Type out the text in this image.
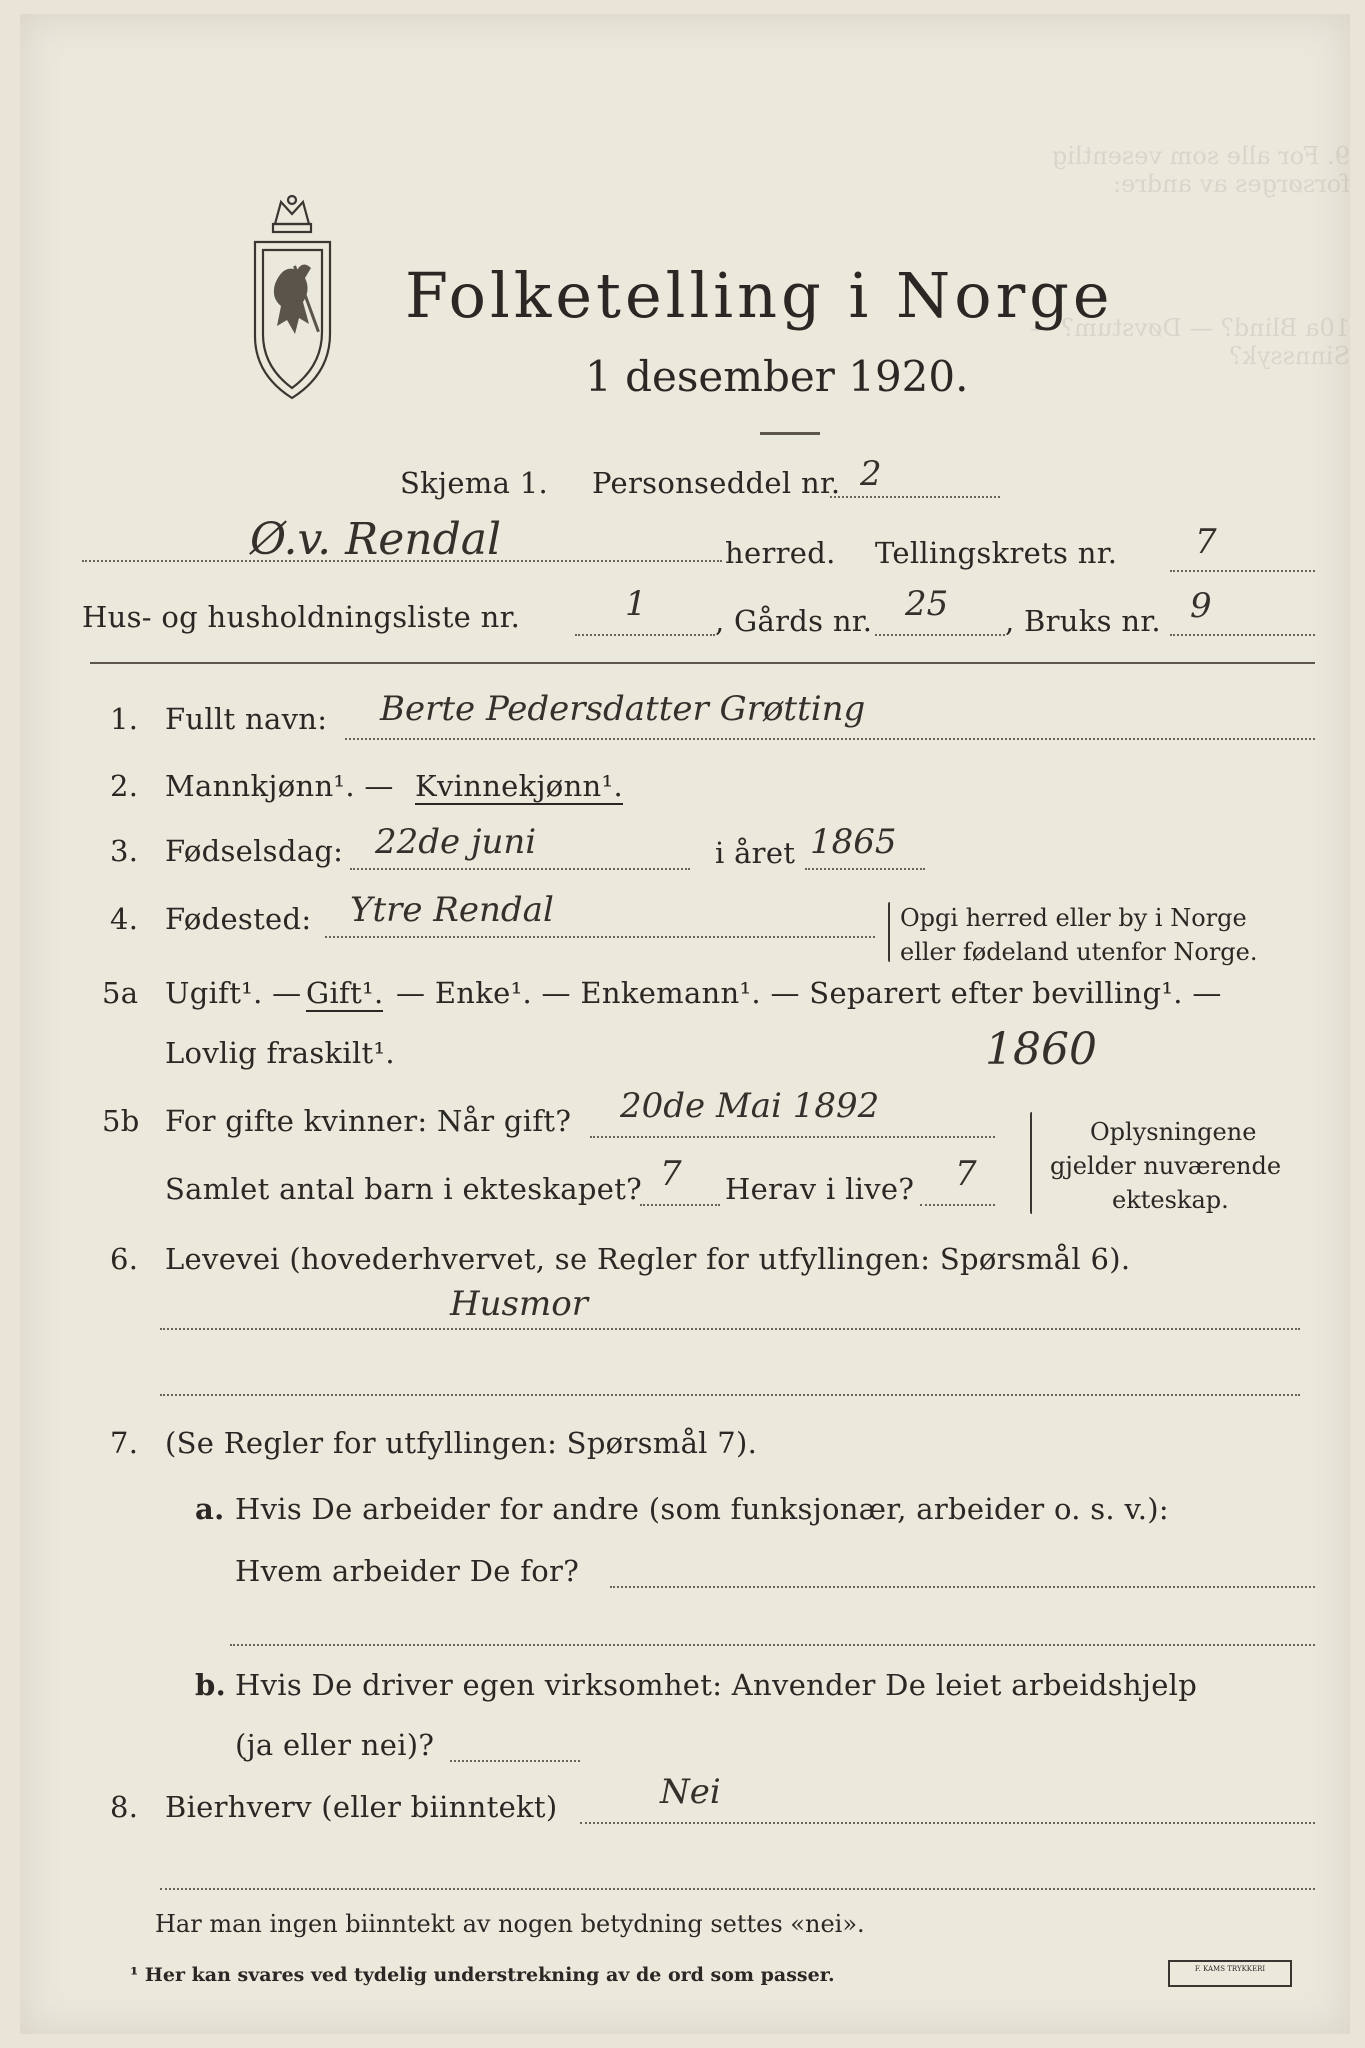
9. For alle som vesentlig forsørges av andre:
10a Blind? — Døvstum? — Sinnssyk?
Folketelling i Norge
1 desember 1920.
Skjema 1. Personseddel nr. 2
Ø.v. Rendal	herred. Tellingskrets nr. 7
Hus- og husholdningsliste nr.	1 , Gårds nr. 25 , Bruks nr. 9
1. Fullt navn: Berte Pedersdatter Grøtting
2. Mannkjønn¹. — Kvinnekjønn¹.
3. Fødselsdag: 22de juni	i året 1865
4. Fødested: Ytre Rendal	Opgi herred eller by i Norge
eller fødeland utenfor Norge.
5a Ugift¹. — Gift¹. — Enke¹. — Enkemann¹. — Separert efter bevilling¹. —
Lovlig fraskilt¹.	1860
5b For gifte kvinner: Når gift? 20de Mai 1892
Samlet antal barn i ekteskapet? 7 Herav i live? 7
Oplysningene
gjelder nuværende
ekteskap.
6. Levevei (hovederhvervet, se Regler for utfyllingen: Spørsmål 6).
Husmor
7. (Se Regler for utfyllingen: Spørsmål 7).
a. Hvis De arbeider for andre (som funksjonær, arbeider o. s. v.):
Hvem arbeider De for?
b. Hvis De driver egen virksomhet: Anvender De leiet arbeidshjelp
(ja eller nei)?
8. Bierhverv (eller biinntekt)	Nei
Har man ingen biinntekt av nogen betydning settes «nei».
¹ Her kan svares ved tydelig understrekning av de ord som passer.	F. KAMS TRYKKERI
